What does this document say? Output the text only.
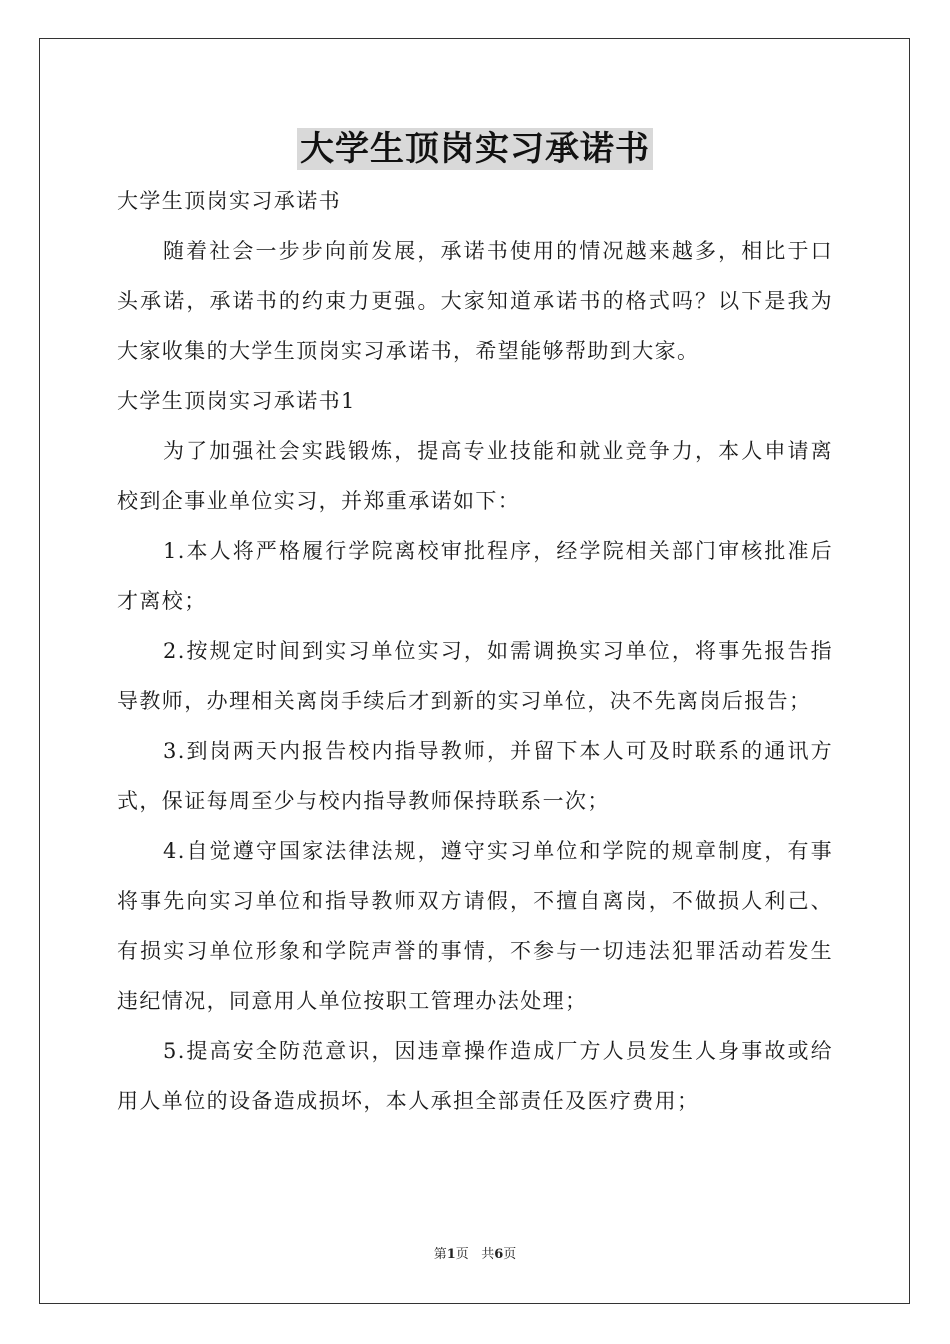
大学生顶岗实习承诺书

大学生顶岗实习承诺书

随着社会一步步向前发展，承诺书使用的情况越来越多，相比于口头承诺，承诺书的约束力更强。大家知道承诺书的格式吗？以下是我为大家收集的大学生顶岗实习承诺书，希望能够帮助到大家。

大学生顶岗实习承诺书1

为了加强社会实践锻炼，提高专业技能和就业竞争力，本人申请离校到企事业单位实习，并郑重承诺如下：

1.本人将严格履行学院离校审批程序，经学院相关部门审核批准后才离校；

2.按规定时间到实习单位实习，如需调换实习单位，将事先报告指导教师，办理相关离岗手续后才到新的实习单位，决不先离岗后报告；

3.到岗两天内报告校内指导教师，并留下本人可及时联系的通讯方式，保证每周至少与校内指导教师保持联系一次；

4.自觉遵守国家法律法规，遵守实习单位和学院的规章制度，有事将事先向实习单位和指导教师双方请假，不擅自离岗，不做损人利己、有损实习单位形象和学院声誉的事情，不参与一切违法犯罪活动若发生违纪情况，同意用人单位按职工管理办法处理；

5.提高安全防范意识，因违章操作造成厂方人员发生人身事故或给用人单位的设备造成损坏，本人承担全部责任及医疗费用；

第1页 共6页
